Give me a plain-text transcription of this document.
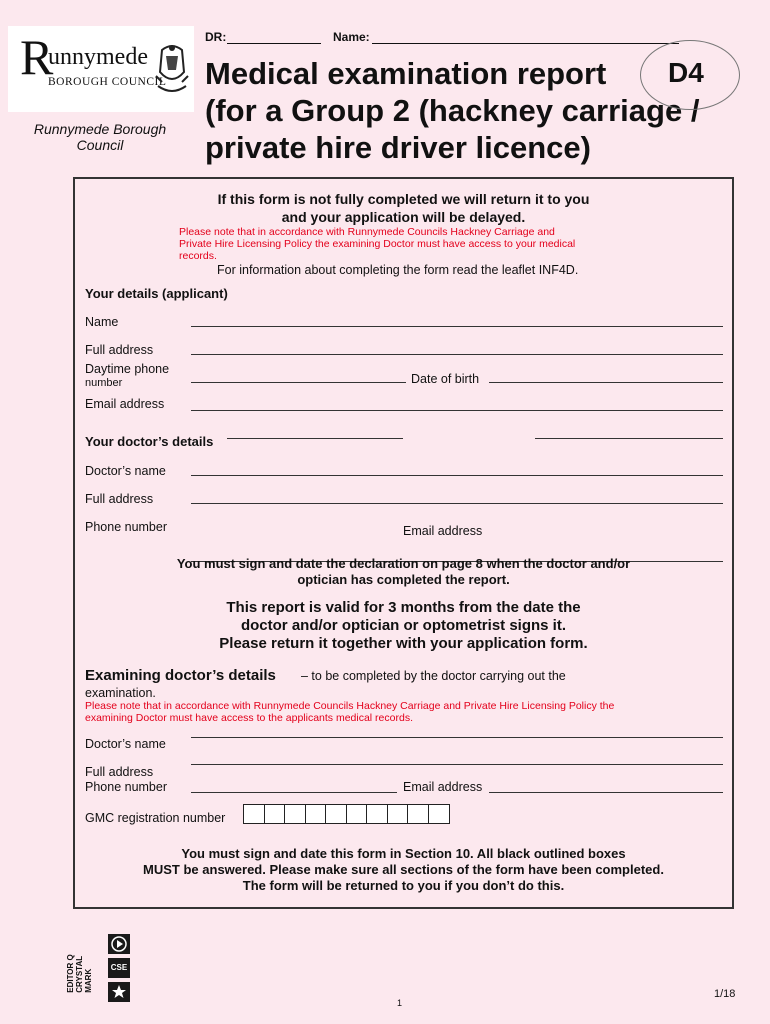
R
unnymede
BOROUGH COUNCIL
Runnymede Borough Council
DR:	Name:
Medical examination report
(for a Group 2 (hackney carriage /
private hire driver licence)
D4
If this form is not fully completed we will return it to you
and your application will be delayed.
Please note that in accordance with Runnymede Councils Hackney Carriage and
Private Hire Licensing Policy the examining Doctor must have access to your medical
records.
For information about completing the form read the leaflet INF4D.
Your details (applicant)
Name
Full address
Daytime phone
number	Date of birth
Email address
Your doctor’s details
Doctor’s name
Full address
Phone number	Email address
You must sign and date the declaration on page 8 when the doctor and/or
optician has completed the report.
This report is valid for 3 months from the date the
doctor and/or optician or optometrist signs it.
Please return it together with your application form.
Examining doctor’s details – to be completed by the doctor carrying out the
examination.
Please note that in accordance with Runnymede Councils Hackney Carriage and Private Hire Licensing Policy the
examining Doctor must have access to the applicants medical records.
Doctor’s name
Full address
Phone number	Email address
GMC registration number
You must sign and date this form in Section 10. All black outlined boxes
MUST be answered. Please make sure all sections of the form have been completed.
The form will be returned to you if you don’t do this.
EDITOR Q CRYSTAL MARK
CSE
1
1/18
